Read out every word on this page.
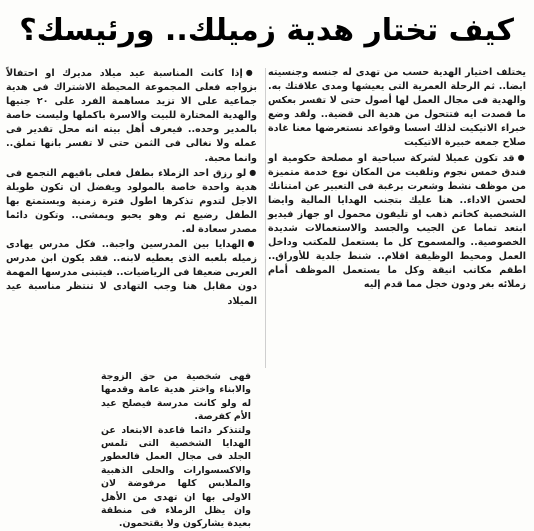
كيف تختار هدية زميلك.. ورئيسك؟

يختلف اختيار الهدية حسب من تهدى له جنسه وجنسيته ايضا.. ثم الرحلة العمرية التى يعيشها ومدى علاقتك به. والهدية فى مجال العمل لها أصول حتى لا تفسر بعكس ما قصدت ايه فتتحول من هدية الى قضية.. ولقد وضع خبراء الاتيكيت لذلك اسسا وقواعد نستعرضها معنا غادة صلاح جمعه خبيرة الاتيكيت

● قد تكون عميلا لشركة سياحية او مصلحة حكومية او فندق خمس نجوم وتلقيت من المكان نوع خدمة متميزة من موظف نشط وشعرت برغبة فى التعبير عن امتنانك لحسن الاداء.. هنا عليك بتجنب الهدايا المالية وايضا الشخصية كخاتم ذهب او تليفون محمول او جهاز فيديو ابتعد تماما عن الجيب والجسد والاستعمالات شديدة الخصوصية.. والمسموح كل ما يستعمل للمكتب وداخل العمل ومحيط الوظيفة اقلام.. شنط جلدية للأوراق.. اطقم مكاتب انيقة وكل ما يستعمل الموظف أمام زملائه بغر ودون خجل مما قدم إليه

● إذا كانت المناسبة عيد ميلاد مديرك او احتفالاً بزواجه فعلى المجموعة المحيطة الاشتراك فى هدية جماعية على الا تزيد مساهمة الفرد على ٢٠ جنيها والهدية المختارة للبيت والاسرة باكملها وليست خاصة بالمدير وحده.. فيعرف أهل بيته انه محل تقدير فى عمله ولا نغالى فى الثمن حتى لا تفسر بانها تملق.. وانما محبة.

● لو رزق احد الزملاء بطفل فعلى باقيهم التجمع فى هدية واحدة خاصة بالمولود ويفضل ان تكون طويلة الاجل لتدوم تذكرها اطول فترة زمنية ويستمتع بها الطفل رضيع ثم وهو يحبو ويمشى.. وتكون دائما مصدر سعادة له.

● الهدايا بين المدرسين واجبة.. فكل مدرس يهادى زميله بلعبه الذى يعطيه لابنه.. فقد يكون ابن مدرس العربى ضعيفا فى الرياضيات.. فيتبنى مدرسها المهمة دون مقابل هنا وجب التهادى لا تنتظر مناسبة عيد الميلاد

فهى شخصية من حق الزوجة والابناء واختر هدية عامة وقدمها له ولو كانت مدرسة فيصلح عيد الأم كفرصة.

ولتتذكر دائما قاعدة الابتعاد عن الهدايا الشخصية التى تلمس الجلد فى مجال العمل فالعطور والاكسسوارات والحلى الذهبية والملابس كلها مرفوضة لان الاولى بها ان تهدى من الأهل وان يظل الزملاء فى منطقة بعيدة يشاركون ولا يقتحمون.
